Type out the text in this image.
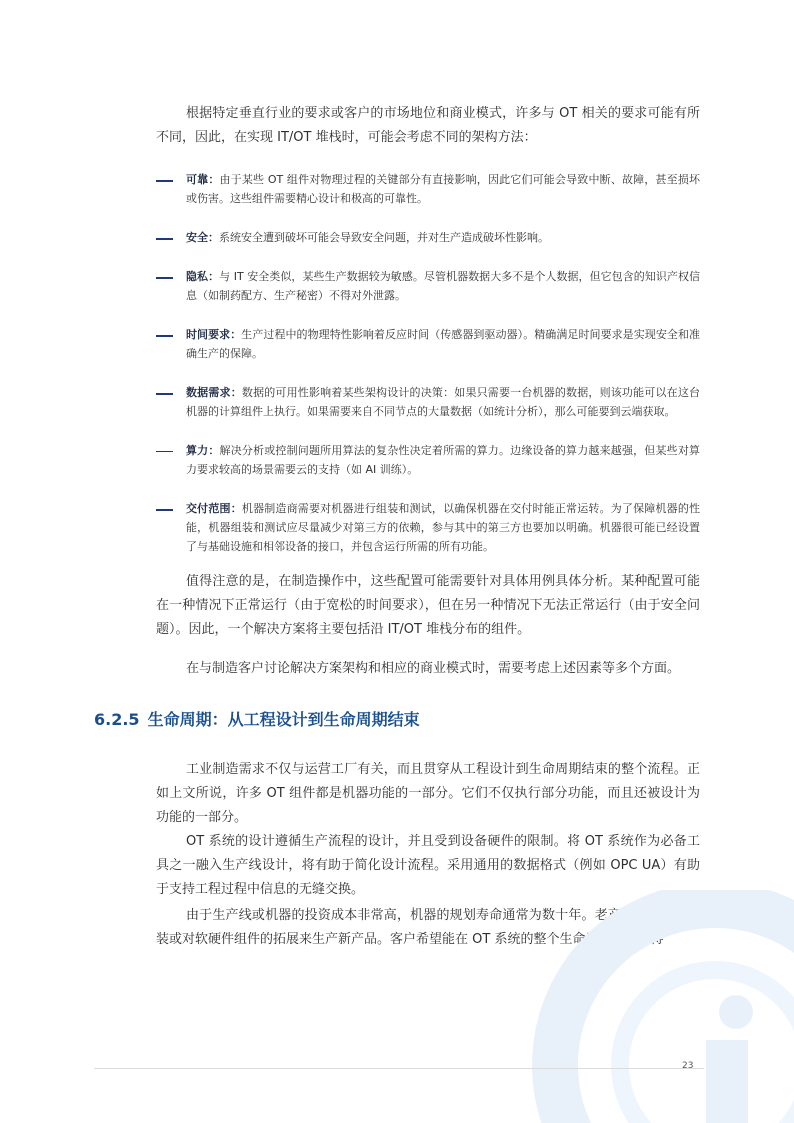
根据特定垂直行业的要求或客户的市场地位和商业模式，许多与 OT 相关的要求可能有所不同，因此，在实现 IT/OT 堆栈时，可能会考虑不同的架构方法：

可靠：由于某些 OT 组件对物理过程的关键部分有直接影响，因此它们可能会导致中断、故障，甚至损坏或伤害。这些组件需要精心设计和极高的可靠性。
安全：系统安全遭到破坏可能会导致安全问题，并对生产造成破坏性影响。
隐私：与 IT 安全类似，某些生产数据较为敏感。尽管机器数据大多不是个人数据，但它包含的知识产权信息（如制药配方、生产秘密）不得对外泄露。
时间要求：生产过程中的物理特性影响着反应时间（传感器到驱动器）。精确满足时间要求是实现安全和准确生产的保障。
数据需求：数据的可用性影响着某些架构设计的决策：如果只需要一台机器的数据，则该功能可以在这台机器的计算组件上执行。如果需要来自不同节点的大量数据（如统计分析），那么可能要到云端获取。
算力：解决分析或控制问题所用算法的复杂性决定着所需的算力。边缘设备的算力越来越强，但某些对算力要求较高的场景需要云的支持（如 AI 训练）。
交付范围：机器制造商需要对机器进行组装和测试，以确保机器在交付时能正常运转。为了保障机器的性能，机器组装和测试应尽量减少对第三方的依赖，参与其中的第三方也要加以明确。机器很可能已经设置了与基础设施和相邻设备的接口，并包含运行所需的所有功能。

值得注意的是，在制造操作中，这些配置可能需要针对具体用例具体分析。某种配置可能在一种情况下正常运行（由于宽松的时间要求），但在另一种情况下无法正常运行（由于安全问题）。因此，一个解决方案将主要包括沿 IT/OT 堆栈分布的组件。

在与制造客户讨论解决方案架构和相应的商业模式时，需要考虑上述因素等多个方面。

6.2.5 生命周期：从工程设计到生命周期结束

工业制造需求不仅与运营工厂有关，而且贯穿从工程设计到生命周期结束的整个流程。正如上文所说，许多 OT 组件都是机器功能的一部分。它们不仅执行部分功能，而且还被设计为功能的一部分。

OT 系统的设计遵循生产流程的设计，并且受到设备硬件的限制。将 OT 系统作为必备工具之一融入生产线设计，将有助于简化设计流程。采用通用的数据格式（例如 OPC UA）有助于支持工程过程中信息的无缝交换。

由于生产线或机器的投资成本非常高，机器的规划寿命通常为数十年。老产品线会通过改装或对软硬件组件的拓展来生产新产品。客户希望能在 OT 系统的整个生命周期都能获得

23
